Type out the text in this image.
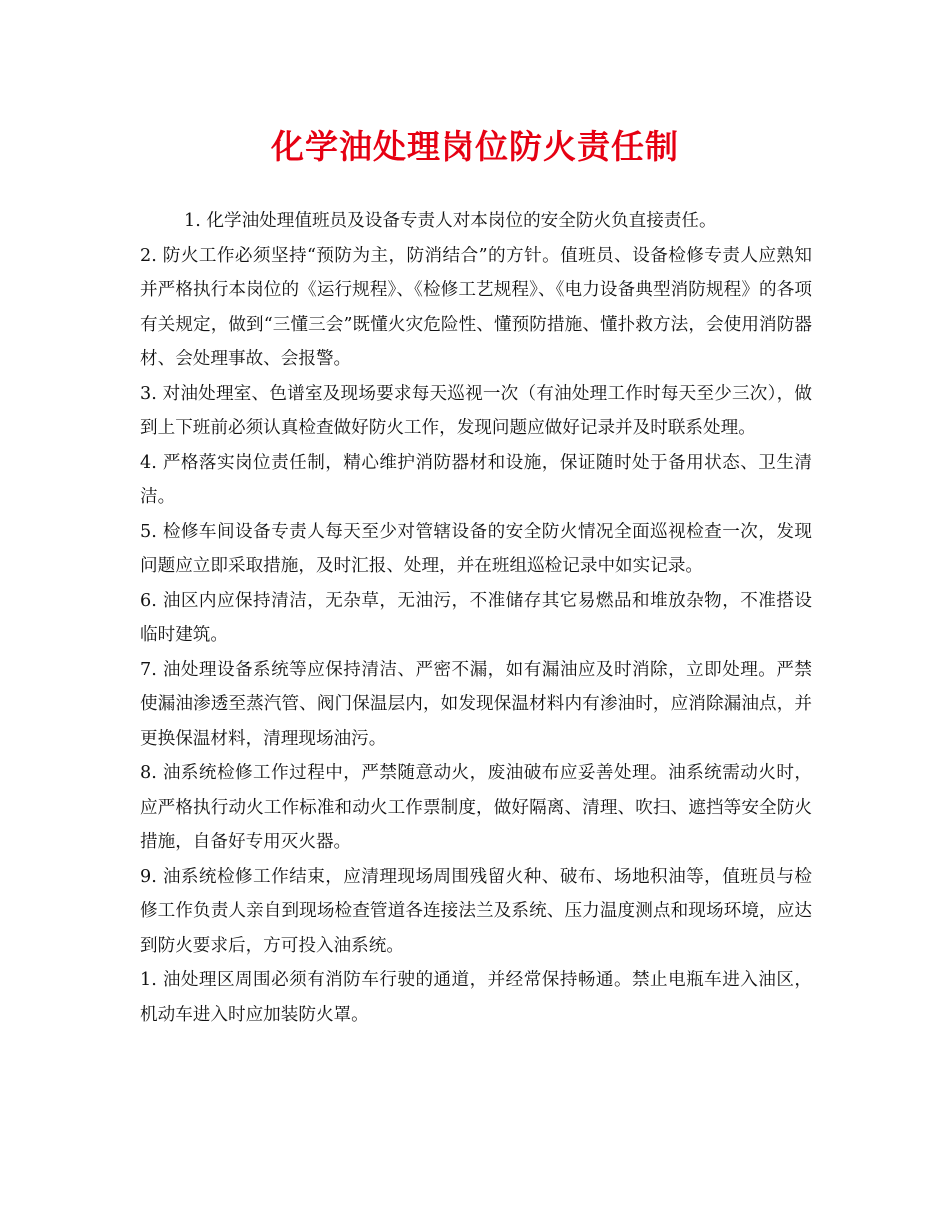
化学油处理岗位防火责任制

1. 化学油处理值班员及设备专责人对本岗位的安全防火负直接责任。

2. 防火工作必须坚持“预防为主，防消结合”的方针。值班员、设备检修专责人应熟知并严格执行本岗位的《运行规程》、《检修工艺规程》、《电力设备典型消防规程》的各项有关规定，做到“三懂三会”既懂火灾危险性、懂预防措施、懂扑救方法，会使用消防器材、会处理事故、会报警。

3. 对油处理室、色谱室及现场要求每天巡视一次（有油处理工作时每天至少三次），做到上下班前必须认真检查做好防火工作，发现问题应做好记录并及时联系处理。

4. 严格落实岗位责任制，精心维护消防器材和设施，保证随时处于备用状态、卫生清洁。

5. 检修车间设备专责人每天至少对管辖设备的安全防火情况全面巡视检查一次，发现问题应立即采取措施，及时汇报、处理，并在班组巡检记录中如实记录。

6. 油区内应保持清洁，无杂草，无油污，不准储存其它易燃品和堆放杂物，不准搭设临时建筑。

7. 油处理设备系统等应保持清洁、严密不漏，如有漏油应及时消除，立即处理。严禁使漏油渗透至蒸汽管、阀门保温层内，如发现保温材料内有渗油时，应消除漏油点，并更换保温材料，清理现场油污。

8. 油系统检修工作过程中，严禁随意动火，废油破布应妥善处理。油系统需动火时，应严格执行动火工作标准和动火工作票制度，做好隔离、清理、吹扫、遮挡等安全防火措施，自备好专用灭火器。

9. 油系统检修工作结束，应清理现场周围残留火种、破布、场地积油等，值班员与检修工作负责人亲自到现场检查管道各连接法兰及系统、压力温度测点和现场环境，应达到防火要求后，方可投入油系统。

1. 油处理区周围必须有消防车行驶的通道，并经常保持畅通。禁止电瓶车进入油区，机动车进入时应加装防火罩。
